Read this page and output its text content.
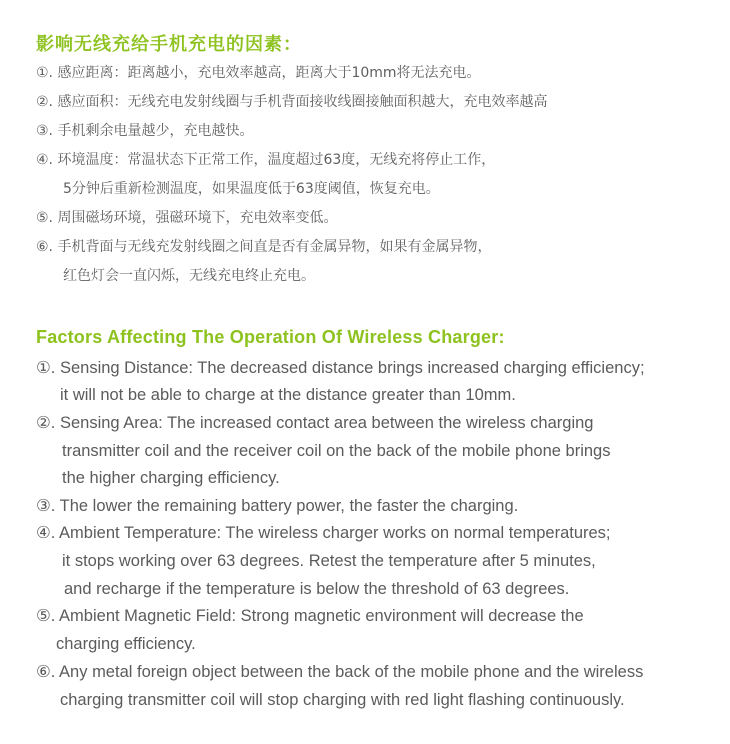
影响无线充给手机充电的因素：
①. 感应距离：距离越小，充电效率越高，距离大于10mm将无法充电。
②. 感应面积：无线充电发射线圈与手机背面接收线圈接触面积越大，充电效率越高
③. 手机剩余电量越少，充电越快。
④. 环境温度：常温状态下正常工作，温度超过63度，无线充将停止工作，
5分钟后重新检测温度，如果温度低于63度阈值，恢复充电。
⑤. 周围磁场环境，强磁环境下，充电效率变低。
⑥. 手机背面与无线充发射线圈之间直是否有金属异物，如果有金属异物，
红色灯会一直闪烁，无线充电终止充电。
Factors Affecting The Operation Of Wireless Charger:
①. Sensing Distance: The decreased distance brings increased charging efficiency;
it will not be able to charge at the distance greater than 10mm.
②. Sensing Area: The increased contact area between the wireless charging
transmitter coil and the receiver coil on the back of the mobile phone brings
the higher charging efficiency.
③. The lower the remaining battery power, the faster the charging.
④. Ambient Temperature: The wireless charger works on normal temperatures;
it stops working over 63 degrees. Retest the temperature after 5 minutes,
and recharge if the temperature is below the threshold of 63 degrees.
⑤. Ambient Magnetic Field: Strong magnetic environment will decrease the
charging efficiency.
⑥. Any metal foreign object between the back of the mobile phone and the wireless
charging transmitter coil will stop charging with red light flashing continuously.
